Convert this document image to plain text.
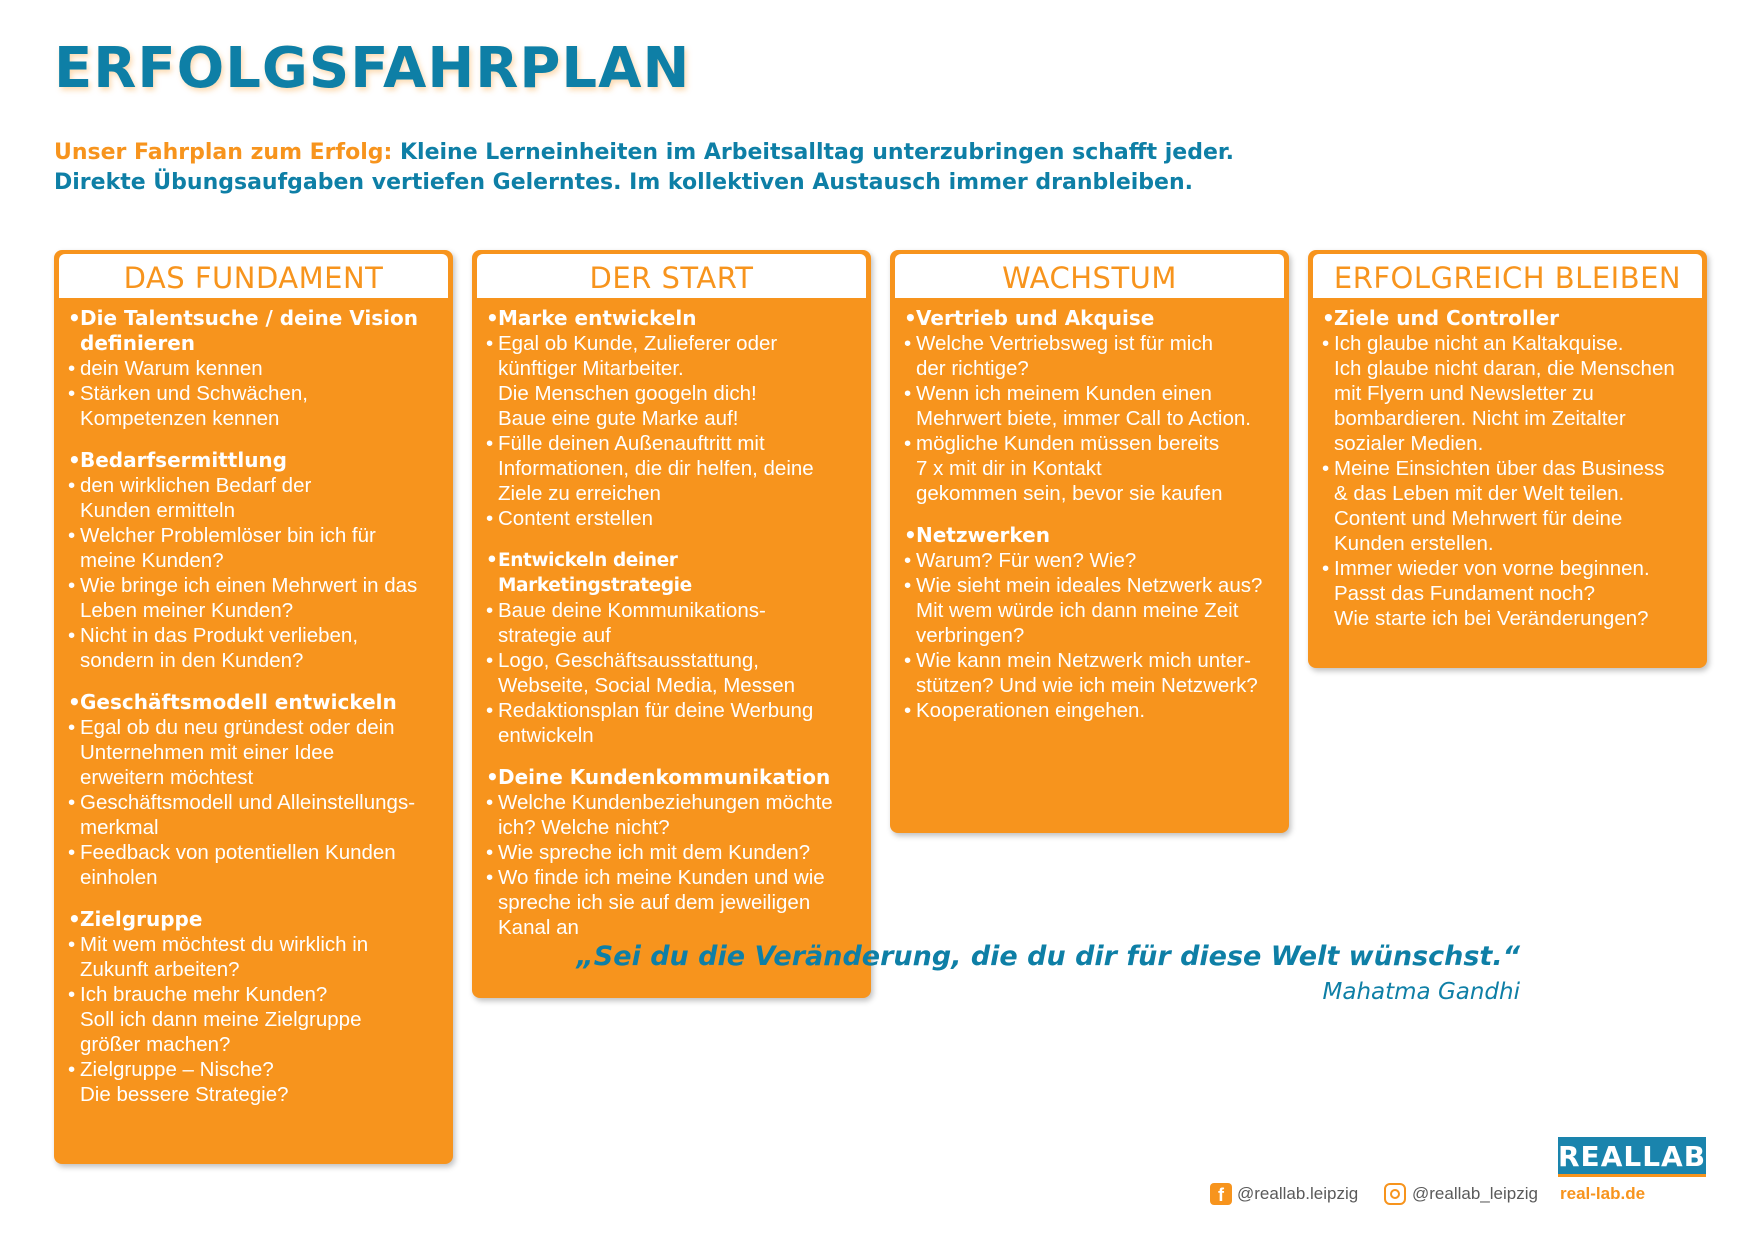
ERFOLGSFAHRPLAN
Unser Fahrplan zum Erfolg: Kleine Lerneinheiten im Arbeitsalltag unterzubringen schafft jeder.
Direkte Übungsaufgaben vertiefen Gelerntes. Im kollektiven Austausch immer dranbleiben.
DAS FUNDAMENT
• Die Talentsuche / deine Vision definieren
• dein Warum kennen
• Stärken und Schwächen,
Kompetenzen kennen
• Bedarfsermittlung
• den wirklichen Bedarf der
Kunden ermitteln
• Welcher Problemlöser bin ich für
meine Kunden?
• Wie bringe ich einen Mehrwert in das
Leben meiner Kunden?
• Nicht in das Produkt verlieben,
sondern in den Kunden?
• Geschäftsmodell entwickeln
• Egal ob du neu gründest oder dein
Unternehmen mit einer Idee
erweitern möchtest
• Geschäftsmodell und Alleinstellungs-
merkmal
• Feedback von potentiellen Kunden
einholen
• Zielgruppe
• Mit wem möchtest du wirklich in
Zukunft arbeiten?
• Ich brauche mehr Kunden?
Soll ich dann meine Zielgruppe
größer machen?
• Zielgruppe – Nische?
Die bessere Strategie?
DER START
• Marke entwickeln
• Egal ob Kunde, Zulieferer oder
künftiger Mitarbeiter.
Die Menschen googeln dich!
Baue eine gute Marke auf!
• Fülle deinen Außenauftritt mit
Informationen, die dir helfen, deine
Ziele zu erreichen
• Content erstellen
• Entwickeln deiner Marketingstrategie
• Baue deine Kommunikations-
strategie auf
• Logo, Geschäftsausstattung,
Webseite, Social Media, Messen
• Redaktionsplan für deine Werbung
entwickeln
• Deine Kundenkommunikation
• Welche Kundenbeziehungen möchte
ich? Welche nicht?
• Wie spreche ich mit dem Kunden?
• Wo finde ich meine Kunden und wie
spreche ich sie auf dem jeweiligen
Kanal an
WACHSTUM
• Vertrieb und Akquise
• Welche Vertriebsweg ist für mich
der richtige?
• Wenn ich meinem Kunden einen
Mehrwert biete, immer Call to Action.
• mögliche Kunden müssen bereits
7 x mit dir in Kontakt
gekommen sein, bevor sie kaufen
• Netzwerken
• Warum? Für wen? Wie?
• Wie sieht mein ideales Netzwerk aus?
Mit wem würde ich dann meine Zeit
verbringen?
• Wie kann mein Netzwerk mich unter-
stützen? Und wie ich mein Netzwerk?
• Kooperationen eingehen.
ERFOLGREICH BLEIBEN
• Ziele und Controller
• Ich glaube nicht an Kaltakquise.
Ich glaube nicht daran, die Menschen
mit Flyern und Newsletter zu
bombardieren. Nicht im Zeitalter
sozialer Medien.
• Meine Einsichten über das Business
& das Leben mit der Welt teilen.
Content und Mehrwert für deine
Kunden erstellen.
• Immer wieder von vorne beginnen.
Passt das Fundament noch?
Wie starte ich bei Veränderungen?
„Sei du die Veränderung, die du dir für diese Welt wünschst.“
Mahatma Gandhi
REALLAB
f @reallab.leipzig	@reallab_leipzig real-lab.de
